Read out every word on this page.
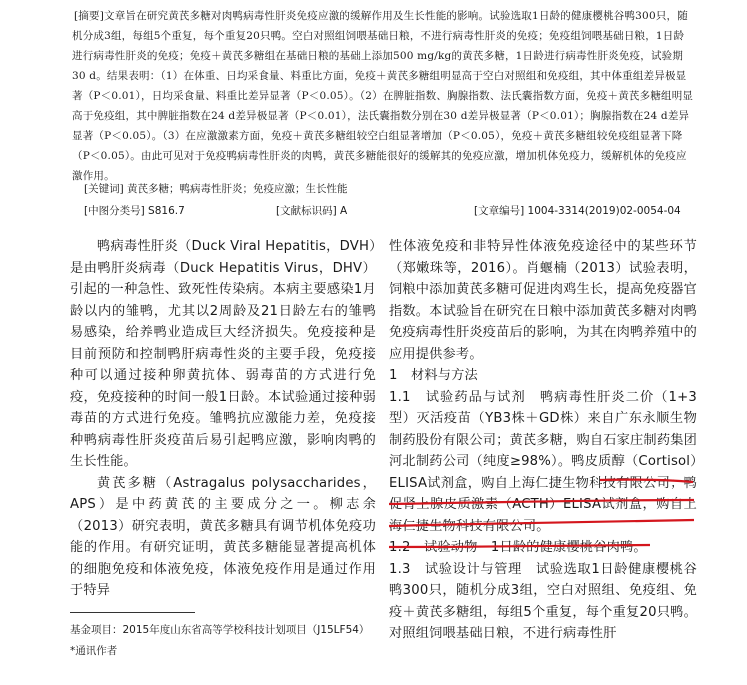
[摘要]文章旨在研究黄芪多糖对肉鸭病毒性肝炎免疫应激的缓解作用及生长性能的影响。试验选取1日龄的健康樱桃谷鸭300只，随机分成3组，每组5个重复，每个重复20只鸭。空白对照组饲喂基础日粮，不进行病毒性肝炎的免疫；免疫组饲喂基础日粮，1日龄进行病毒性肝炎的免疫；免疫＋黄芪多糖组在基础日粮的基础上添加500 mg/kg的黄芪多糖，1日龄进行病毒性肝炎免疫，试验期30 d。结果表明：（1）在体重、日均采食量、料重比方面，免疫＋黄芪多糖组明显高于空白对照组和免疫组，其中体重组差异极显著（P＜0.01），日均采食量、料重比差异显著（P＜0.05）。（2）在脾脏指数、胸腺指数、法氏囊指数方面，免疫＋黄芪多糖组明显高于免疫组，其中脾脏指数在24 d差异极显著（P＜0.01），法氏囊指数分别在30 d差异极显著（P＜0.01）；胸腺指数在24 d差异显著（P＜0.05）。（3）在应激激素方面，免疫＋黄芪多糖组较空白组显著增加（P＜0.05），免疫＋黄芪多糖组较免疫组显著下降（P＜0.05）。由此可见对于免疫鸭病毒性肝炎的肉鸭，黄芪多糖能很好的缓解其的免疫应激，增加机体免疫力，缓解机体的免疫应激作用。

[关键词] 黄芪多糖；鸭病毒性肝炎；免疫应激；生长性能
[中图分类号] S816.7	[文献标识码] A	[文章编号] 1004-3314(2019)02-0054-04

鸭病毒性肝炎（Duck Viral Hepatitis，DVH）是由鸭肝炎病毒（Duck Hepatitis Virus，DHV）引起的一种急性、致死性传染病。本病主要感染1月龄以内的雏鸭，尤其以2周龄及21日龄左右的雏鸭易感染，给养鸭业造成巨大经济损失。免疫接种是目前预防和控制鸭肝病毒性炎的主要手段，免疫接种可以通过接种卵黄抗体、弱毒苗的方式进行免疫，免疫接种的时间一般1日龄。本试验通过接种弱毒苗的方式进行免疫。雏鸭抗应激能力差，免疫接种鸭病毒性肝炎疫苗后易引起鸭应激，影响肉鸭的生长性能。

黄芪多糖（Astragalus polysaccharides，APS）是中药黄芪的主要成分之一。柳志余（2013）研究表明，黄芪多糖具有调节机体免疫功能的作用。有研究证明，黄芪多糖能显著提高机体的细胞免疫和体液免疫，体液免疫作用是通过作用于特异

性体液免疫和非特异性体液免疫途径中的某些环节（郑嫩珠等，2016）。肖蝘楠（2013）试验表明，饲粮中添加黄芪多糖可促进肉鸡生长，提高免疫器官指数。本试验旨在研究在日粮中添加黄芪多糖对肉鸭免疫病毒性肝炎疫苗后的影响，为其在肉鸭养殖中的应用提供参考。

1　材料与方法

1.1　试验药品与试剂　鸭病毒性肝炎二价（1+3型）灭活疫苗（YB3株＋GD株）来自广东永顺生物制药股份有限公司；黄芪多糖，购自石家庄制药集团河北制药公司（纯度≥98%）。鸭皮质醇（Cortisol）ELISA试剂盒，购自上海仁捷生物科技有限公司；鸭促肾上腺皮质激素（ACTH）ELISA试剂盒，购自上海仁捷生物科技有限公司。

1.2　试验动物　1日龄的健康樱桃谷肉鸭。

1.3　试验设计与管理　试验选取1日龄健康樱桃谷鸭300只，随机分成3组，空白对照组、免疫组、免疫＋黄芪多糖组，每组5个重复，每个重复20只鸭。对照组饲喂基础日粮，不进行病毒性肝

基金项目：2015年度山东省高等学校科技计划项目（J15LF54）

*通讯作者
